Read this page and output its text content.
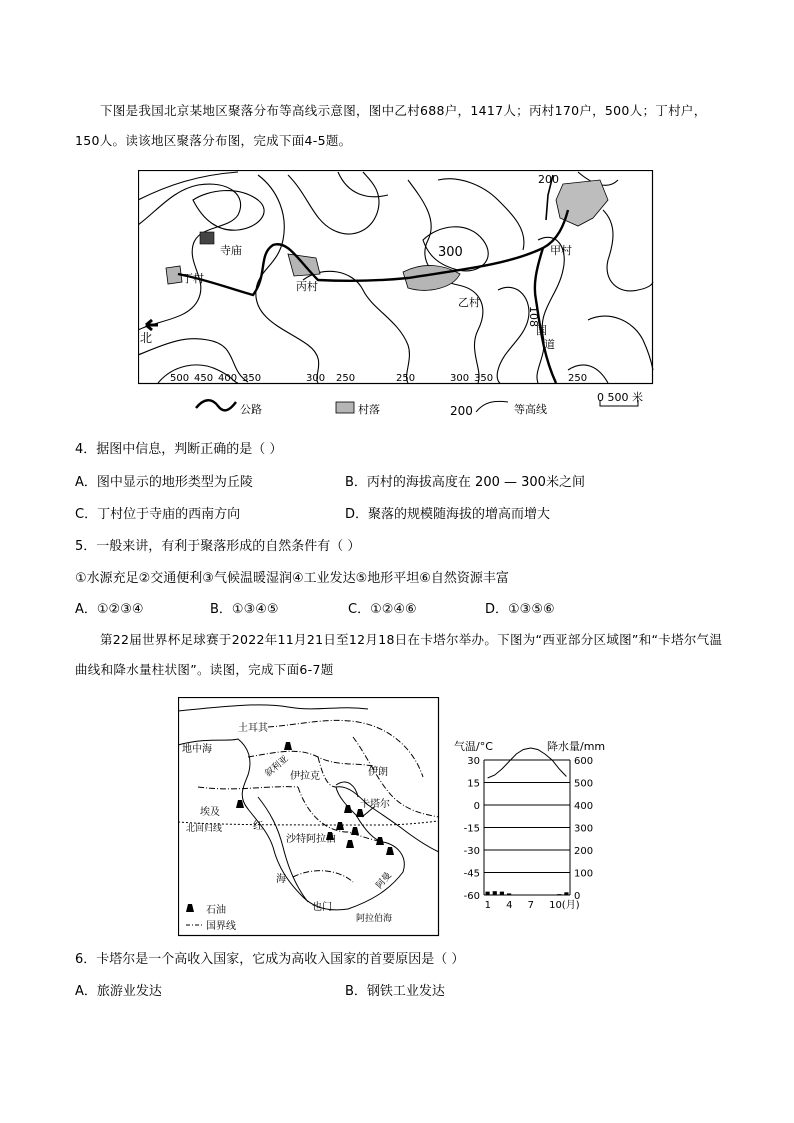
下图是我国北京某地区聚落分布等高线示意图，图中乙村688户，1417人；丙村170户，500人；丁村户，150人。读该地区聚落分布图，完成下面4-5题。
北
寺庙
丁村
丙村
乙村
甲村
200
300
108
国
道
500 450 400 350	300 250	250	300 350	250
公路	村落	200	等高线
0 500 米
4．据图中信息，判断正确的是（ ）
A．图中显示的地形类型为丘陵	B．丙村的海拔高度在 200 — 300米之间
C．丁村位于寺庙的西南方向	D．聚落的规模随海拔的增高而增大
5．一般来讲，有利于聚落形成的自然条件有（ ）
①水源充足②交通便利③气候温暖湿润④工业发达⑤地形平坦⑥自然资源丰富
A．①②③④	B．①③④⑤	C．①②④⑥	D．①③⑤⑥
第22届世界杯足球赛于2022年11月21日至12月18日在卡塔尔举办。下图为“西亚部分区域图”和“卡塔尔气温曲线和降水量柱状图”。读图，完成下面6-7题
土耳其
地中海
叙利亚 伊拉克	伊朗
埃及
北回归线	红
沙特阿拉伯
卡塔尔
海
也门
阿曼
阿拉伯海
石油
国界线
气温/°C	降水量/mm
30	600
15	500
0	400
-15	300
-30	200
-45	100
-60	0
1 4 7 10(月)
6．卡塔尔是一个高收入国家，它成为高收入国家的首要原因是（ ）
A．旅游业发达	B．钢铁工业发达
